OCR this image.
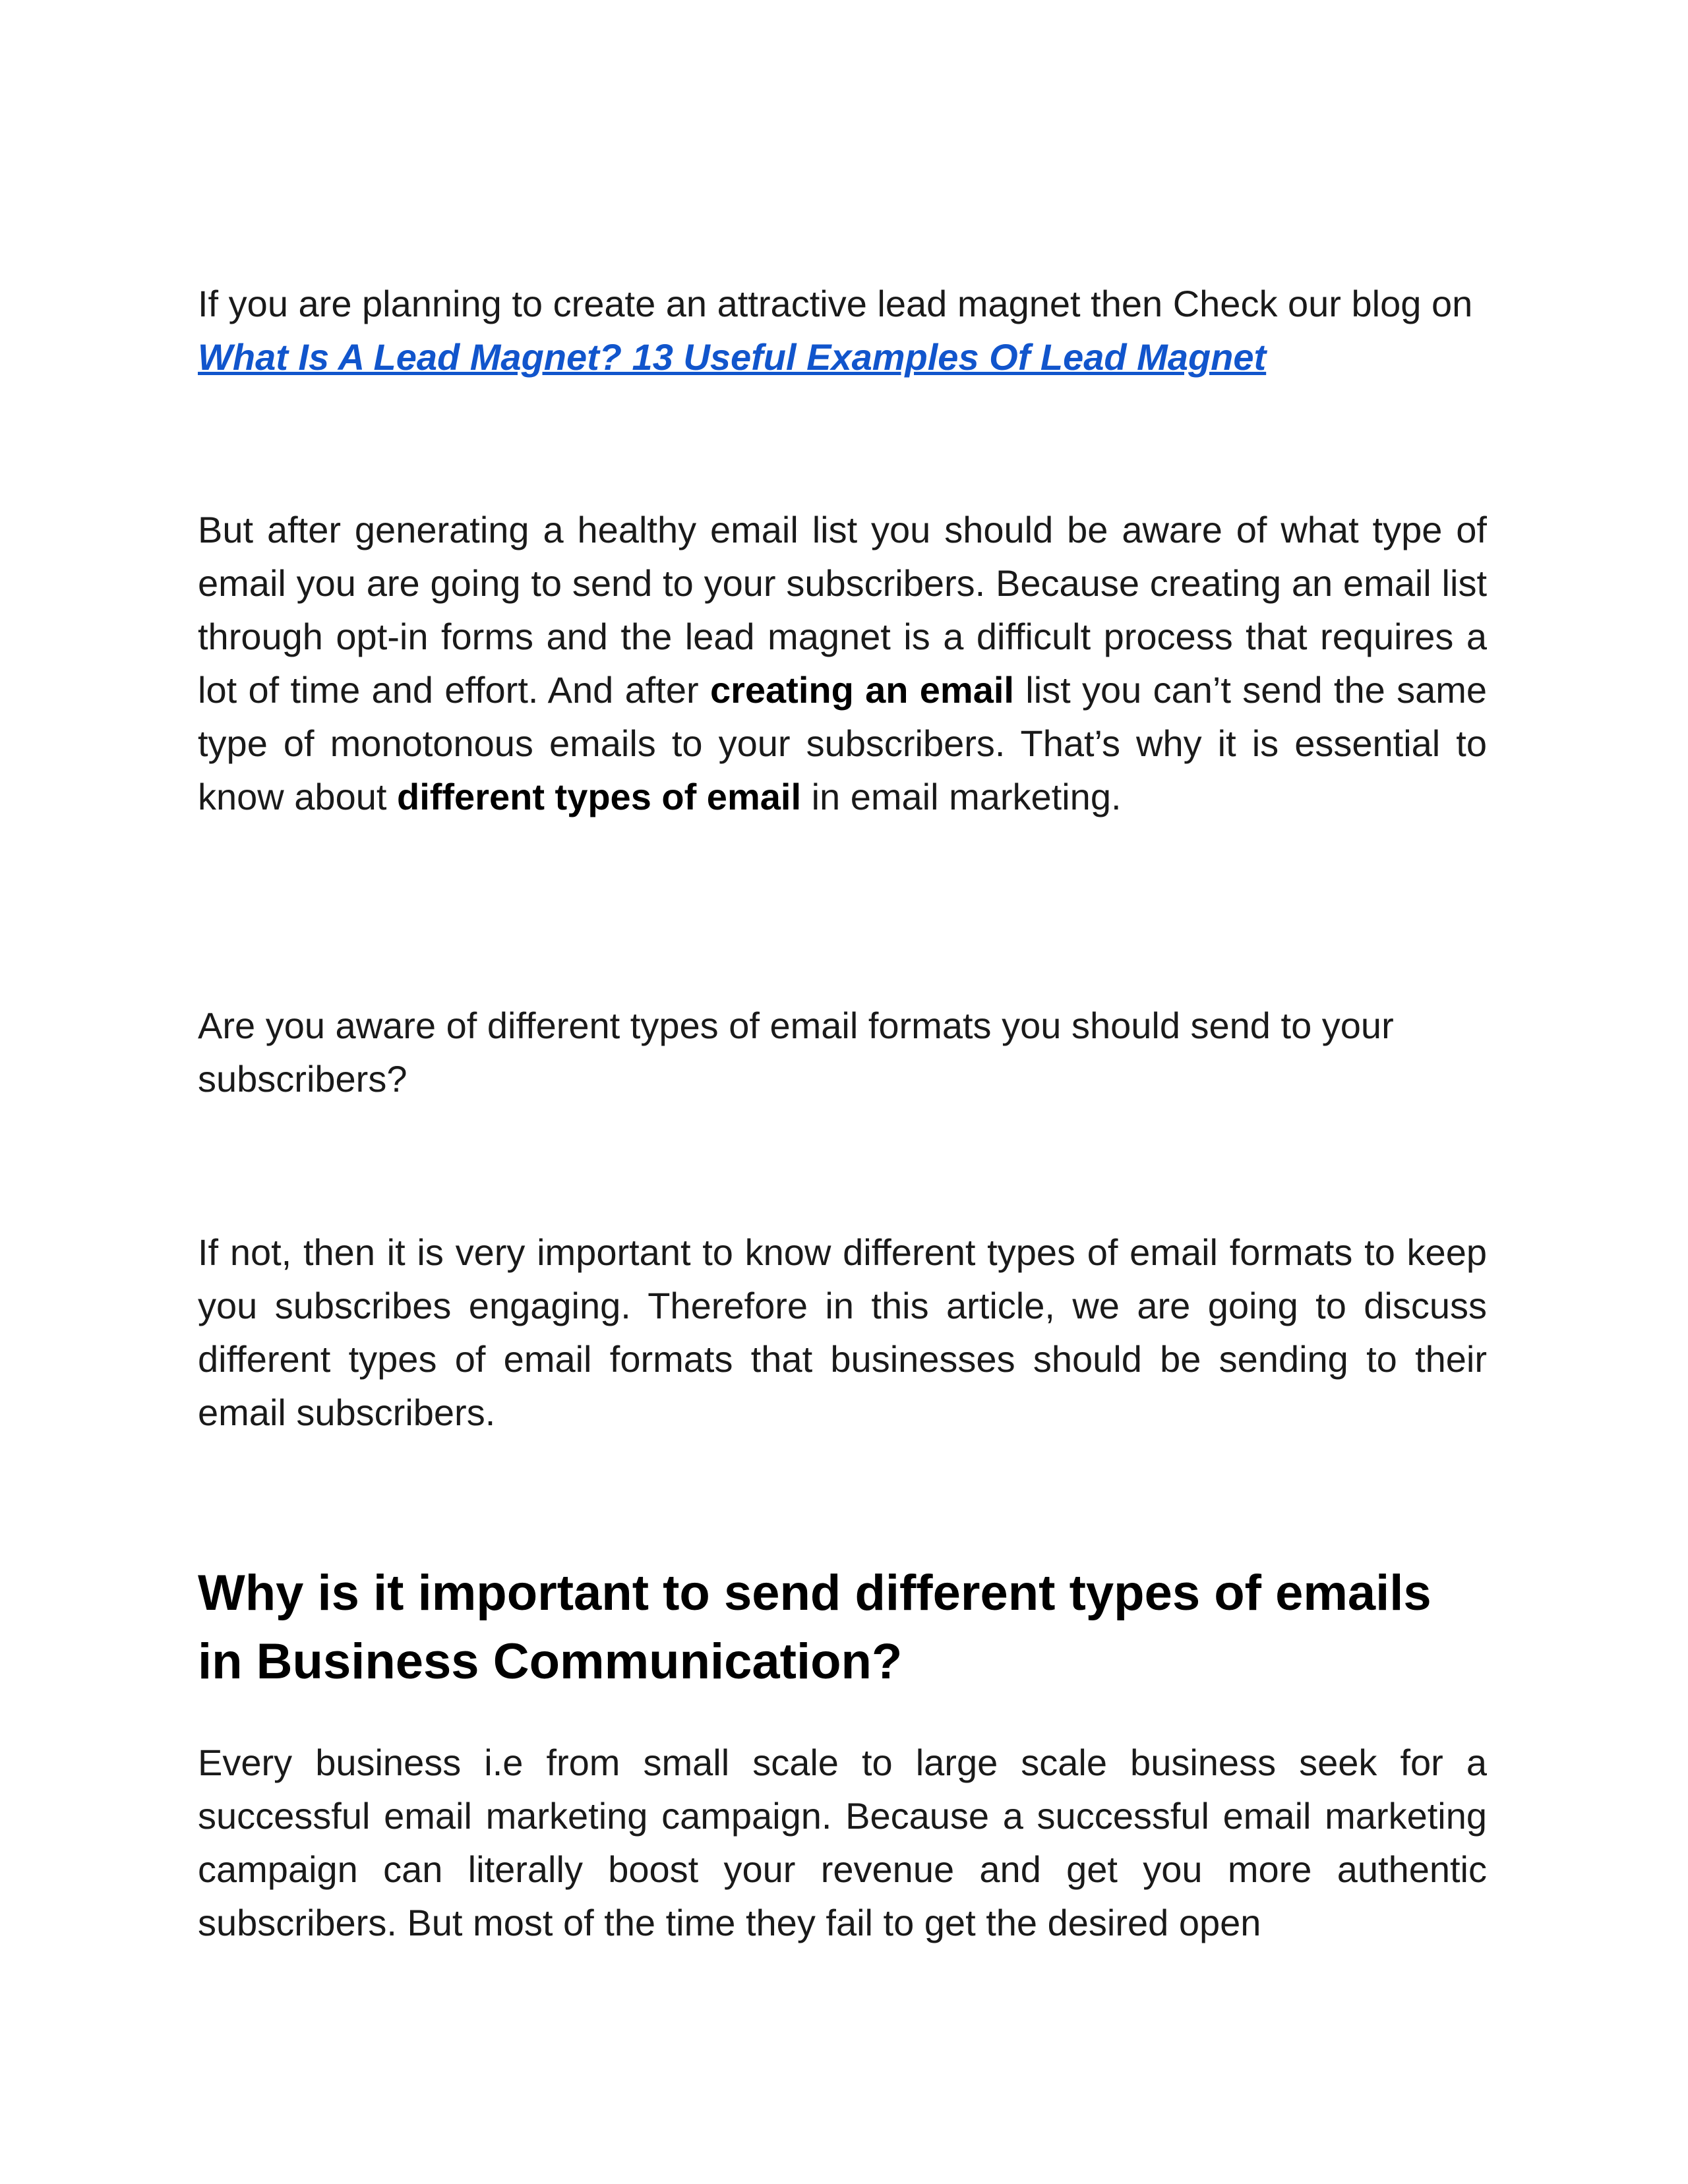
If you are planning to create an attractive lead magnet then Check our blog on What Is A Lead Magnet? 13 Useful Examples Of Lead Magnet

But after generating a healthy email list you should be aware of what type of email you are going to send to your subscribers. Because creating an email list through opt-in forms and the lead magnet is a difficult process that requires a lot of time and effort. And after creating an email list you can’t send the same type of monotonous emails to your subscribers. That’s why it is essential to know about different types of email in email marketing.

Are you aware of different types of email formats you should send to your subscribers?

If not, then it is very important to know different types of email formats to keep you subscribes engaging. Therefore in this article, we are going to discuss different types of email formats that businesses should be sending to their email subscribers.

Why is it important to send different types of emails in Business Communication?

Every business i.e from small scale to large scale business seek for a successful email marketing campaign. Because a successful email marketing campaign can literally boost your revenue and get you more authentic subscribers. But most of the time they fail to get the desired open
